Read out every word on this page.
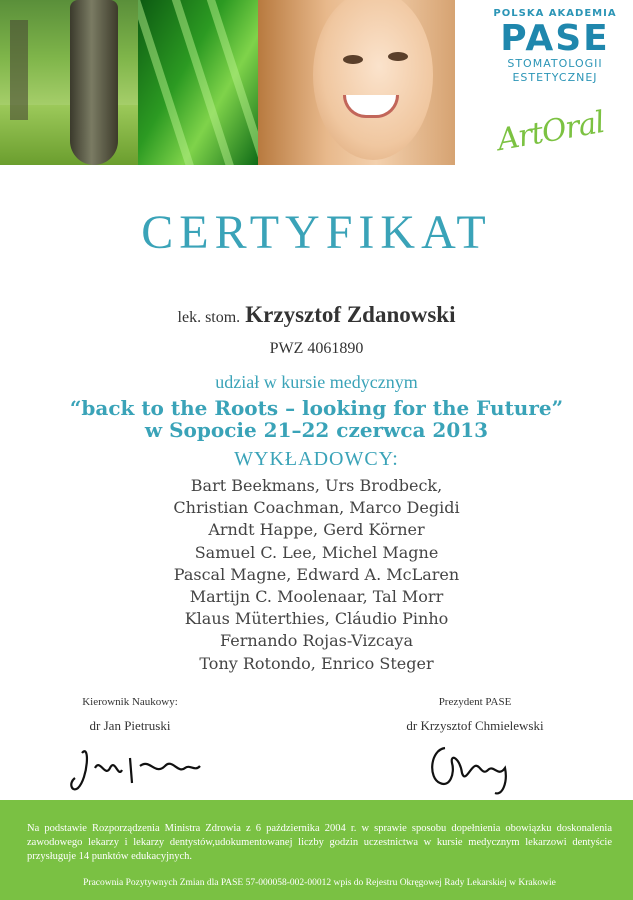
POLSKA AKADEMIA
PASE
STOMATOLOGII
ESTETYCZNEJ
ArtOral
CERTYFIKAT
lek. stom. Krzysztof Zdanowski
PWZ 4061890
udział w kursie medycznym
“back to the Roots – looking for the Future”
w Sopocie 21–22 czerwca 2013
WYKŁADOWCY:
Bart Beekmans, Urs Brodbeck,
Christian Coachman, Marco Degidi
Arndt Happe, Gerd Körner
Samuel C. Lee, Michel Magne
Pascal Magne, Edward A. McLaren
Martijn C. Moolenaar, Tal Morr
Klaus Müterthies, Cláudio Pinho
Fernando Rojas-Vizcaya
Tony Rotondo, Enrico Steger
Kierownik Naukowy:
dr Jan Pietruski
Prezydent PASE
dr Krzysztof Chmielewski
Na podstawie Rozporządzenia Ministra Zdrowia z 6 października 2004 r. w sprawie sposobu dopełnienia obowiązku doskonalenia zawodowego lekarzy i lekarzy dentystów,udokumentowanej liczby godzin uczestnictwa w kursie medycznym lekarzowi dentyście przysługuje 14 punktów edukacyjnych.
Pracownia Pozytywnych Zmian dla PASE 57-000058-002-00012 wpis do Rejestru Okręgowej Rady Lekarskiej w Krakowie
